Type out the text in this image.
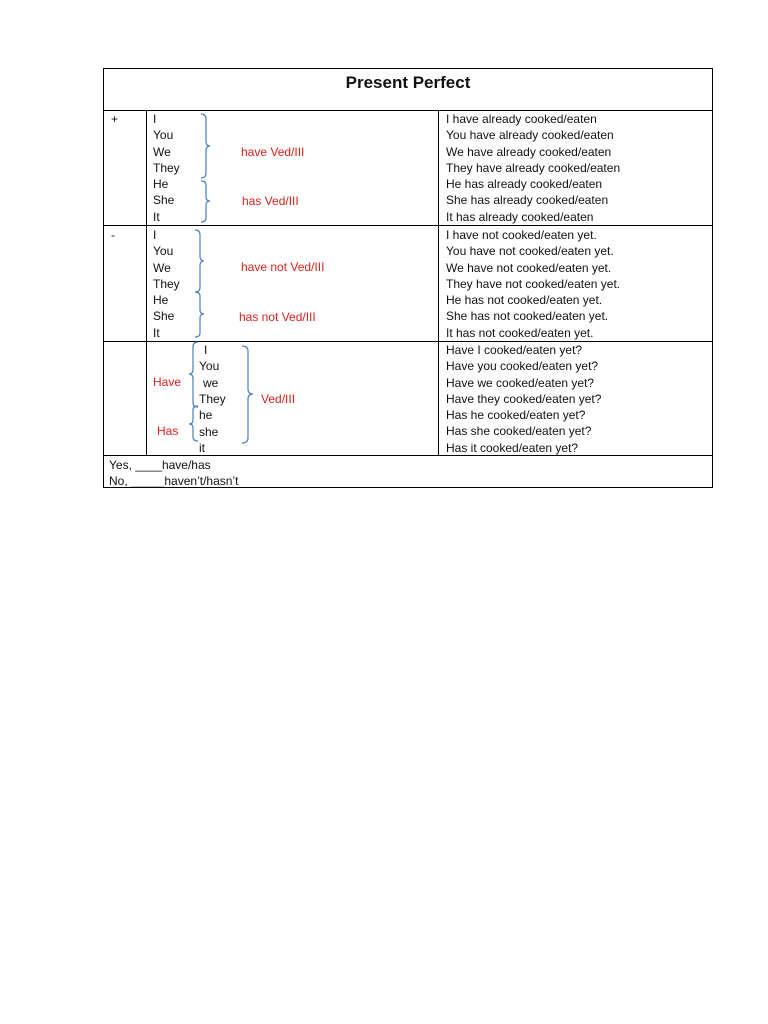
Present Perfect
+	I
You
We
They
He
She
It
have Ved/III
has Ved/III
I have already cooked/eaten
You have already cooked/eaten
We have already cooked/eaten
They have already cooked/eaten
He has already cooked/eaten
She has already cooked/eaten
It has already cooked/eaten
-	I
You
We
They
He
She
It
have not Ved/III
has not Ved/III
I have not cooked/eaten yet.
You have not cooked/eaten yet.
We have not cooked/eaten yet.
They have not cooked/eaten yet.
He has not cooked/eaten yet.
She has not cooked/eaten yet.
It has not cooked/eaten yet.
Have
Has
I
You
we
They
he
she
it
Ved/III
Have I cooked/eaten yet?
Have you cooked/eaten yet?
Have we cooked/eaten yet?
Have they cooked/eaten yet?
Has he cooked/eaten yet?
Has she cooked/eaten yet?
Has it cooked/eaten yet?
Yes, ____have/has
No, _____haven’t/hasn’t
